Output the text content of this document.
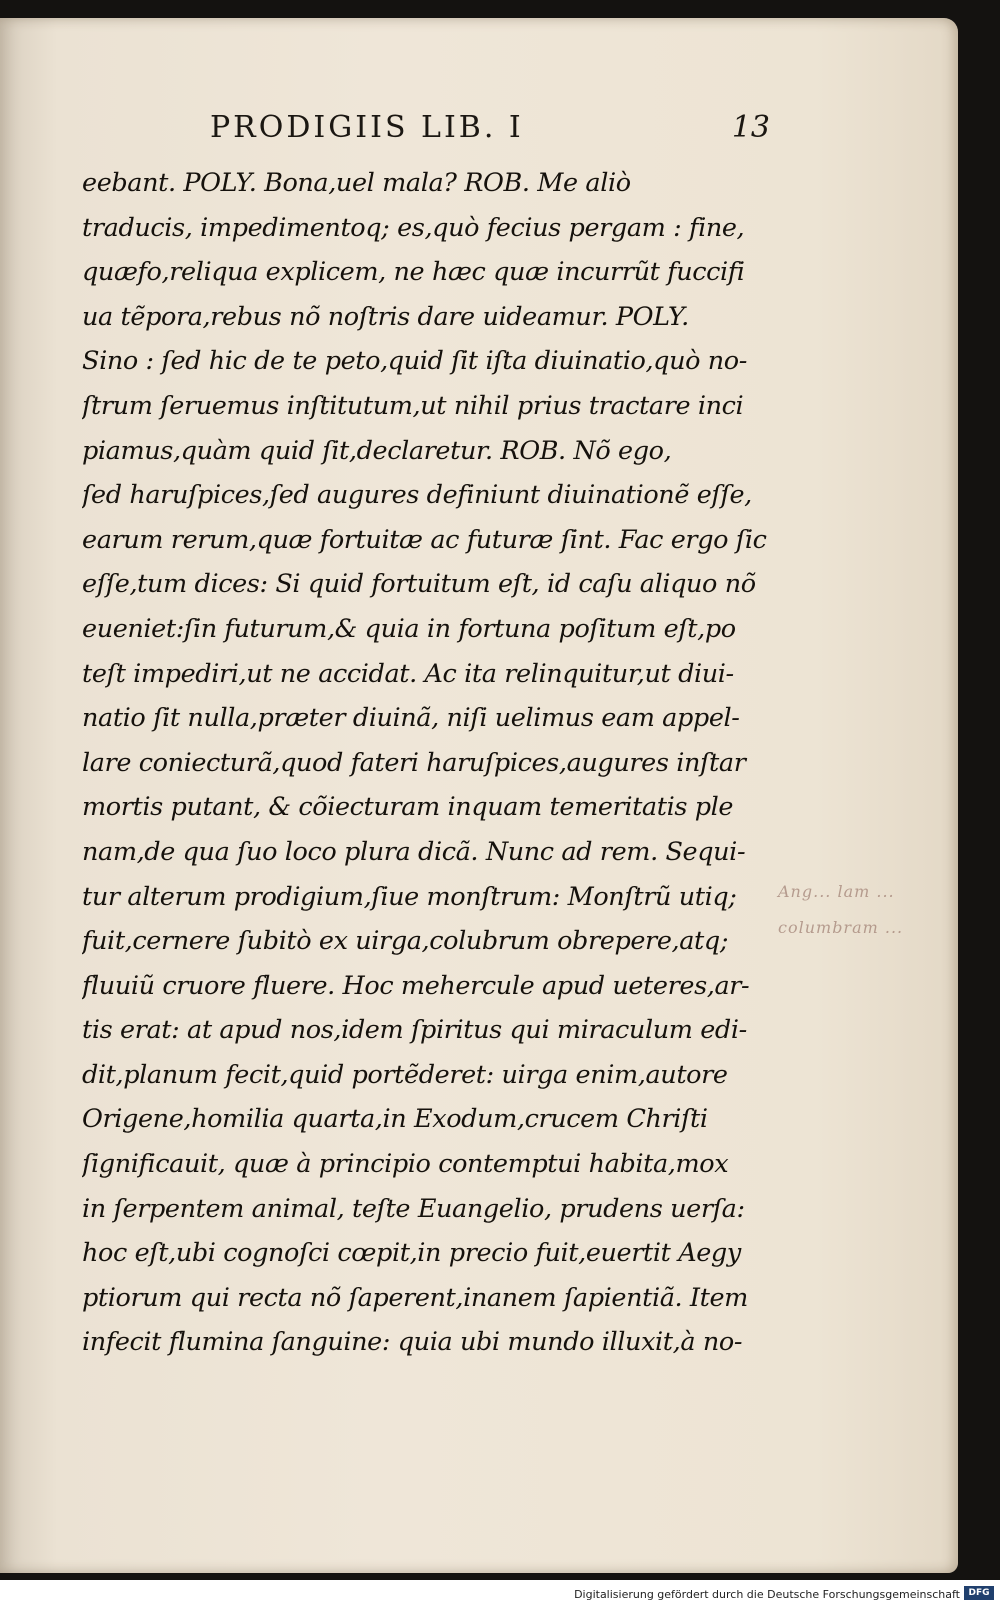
PRODIGIIS LIB. I	13
eebant. POLY. Bona,uel mala? ROB. Me aliò
traducis, impedimentoq; es,quò fecius pergam : fine,
quæfo,reliqua explicem, ne hæc quæ incurrũt fuccifi
ua tẽpora,rebus nõ noſtris dare uideamur. POLY.
Sino : ſed hic de te peto,quid ſit iſta diuinatio,quò no-
ſtrum ſeruemus inſtitutum,ut nihil prius tractare inci
piamus,quàm quid ſit,declaretur. ROB. Nõ ego,
ſed haruſpices,ſed augures definiunt diuinationẽ eſſe,
earum rerum,quæ fortuitæ ac futuræ ſint. Fac ergo ſic
eſſe,tum dices: Si quid fortuitum eſt, id caſu aliquo nõ
eueniet:ſin futurum,& quia in fortuna poſitum eſt,po
teſt impediri,ut ne accidat. Ac ita relinquitur,ut diui-
natio ſit nulla,præter diuinã, niſi uelimus eam appel-
lare coniecturã,quod fateri haruſpices,augures inſtar
mortis putant, & cõiecturam inquam temeritatis ple
nam,de qua ſuo loco plura dicã. Nunc ad rem. Sequi-
tur alterum prodigium,ſiue monſtrum: Monſtrũ utiq;
fuit,cernere ſubitò ex uirga,colubrum obrepere,atq;
fluuiũ cruore fluere. Hoc mehercule apud ueteres,ar-
tis erat: at apud nos,idem ſpiritus qui miraculum edi-
dit,planum fecit,quid portẽderet: uirga enim,autore
Origene,homilia quarta,in Exodum,crucem Chriſti
ſignificauit, quæ à principio contemptui habita,mox
in ſerpentem animal, teſte Euangelio, prudens uerſa:
hoc eſt,ubi cognoſci cœpit,in precio fuit,euertit Aegy
ptiorum qui recta nõ ſaperent,inanem ſapientiã. Item
infecit flumina ſanguine: quia ubi mundo illuxit,à no-
Ang... lam ...
columbram ...
Digitalisierung gefördert durch die Deutsche Forschungsgemeinschaft DFG
